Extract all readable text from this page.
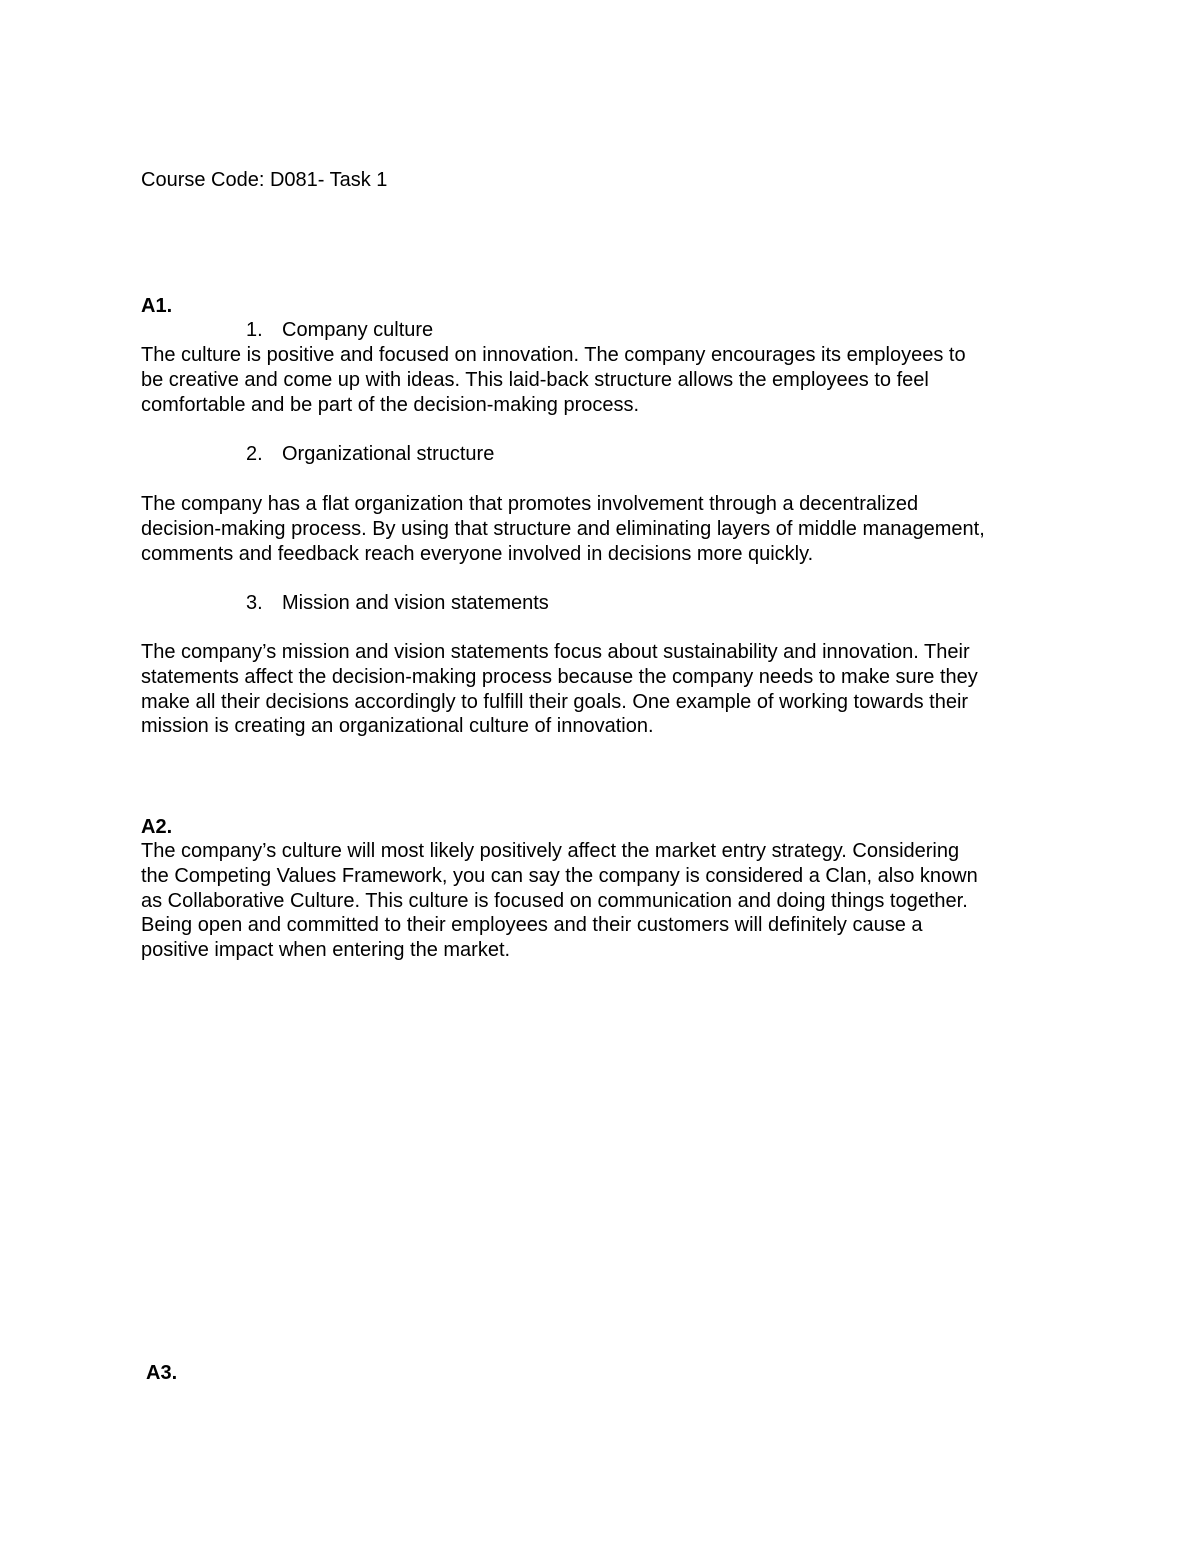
Course Code: D081- Task 1
A1.
1. Company culture
The culture is positive and focused on innovation. The company encourages its employees to
be creative and come up with ideas. This laid-back structure allows the employees to feel
comfortable and be part of the decision-making process.
2. Organizational structure
The company has a flat organization that promotes involvement through a decentralized
decision-making process. By using that structure and eliminating layers of middle management,
comments and feedback reach everyone involved in decisions more quickly.
3. Mission and vision statements
The company’s mission and vision statements focus about sustainability and innovation. Their
statements affect the decision-making process because the company needs to make sure they
make all their decisions accordingly to fulfill their goals. One example of working towards their
mission is creating an organizational culture of innovation.
A2.
The company’s culture will most likely positively affect the market entry strategy. Considering
the Competing Values Framework, you can say the company is considered a Clan, also known
as Collaborative Culture. This culture is focused on communication and doing things together.
Being open and committed to their employees and their customers will definitely cause a
positive impact when entering the market.
A3.
